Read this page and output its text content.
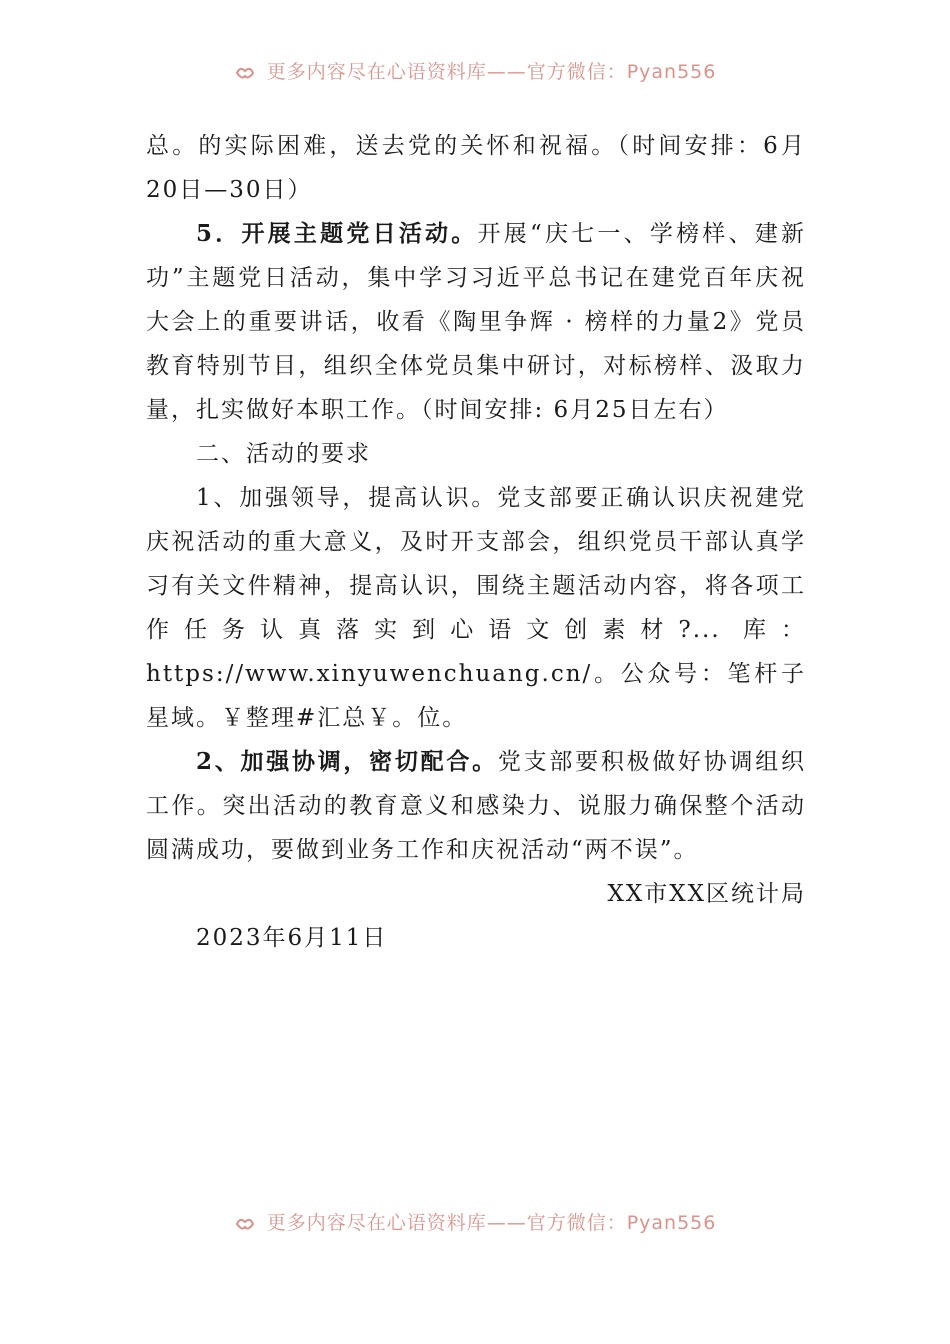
更多内容尽在心语资料库——官方微信：Pyan556

总。的实际困难，送去党的关怀和祝福。（时间安排：6月20日—30日）

5．开展主题党日活动。开展“庆七一、学榜样、建新功”主题党日活动，集中学习习近平总书记在建党百年庆祝大会上的重要讲话，收看《陶里争辉 · 榜样的力量2》党员教育特别节目，组织全体党员集中研讨，对标榜样、汲取力量，扎实做好本职工作。（时间安排: 6月25日左右）

二、活动的要求

1、加强领导，提高认识。党支部要正确认识庆祝建党庆祝活动的重大意义，及时开支部会，组织党员干部认真学习有关文件精神，提高认识，围绕主题活动内容，将各项工作任务认真落实到心语文创素材?... 库：https://www.xinyuwenchuang.cn/。公众号：笔杆子星域。￥整理#汇总￥。位。

2、加强协调，密切配合。党支部要积极做好协调组织工作。突出活动的教育意义和感染力、说服力确保整个活动圆满成功，要做到业务工作和庆祝活动“两不误”。

XX市XX区统计局

2023年6月11日

更多内容尽在心语资料库——官方微信：Pyan556
